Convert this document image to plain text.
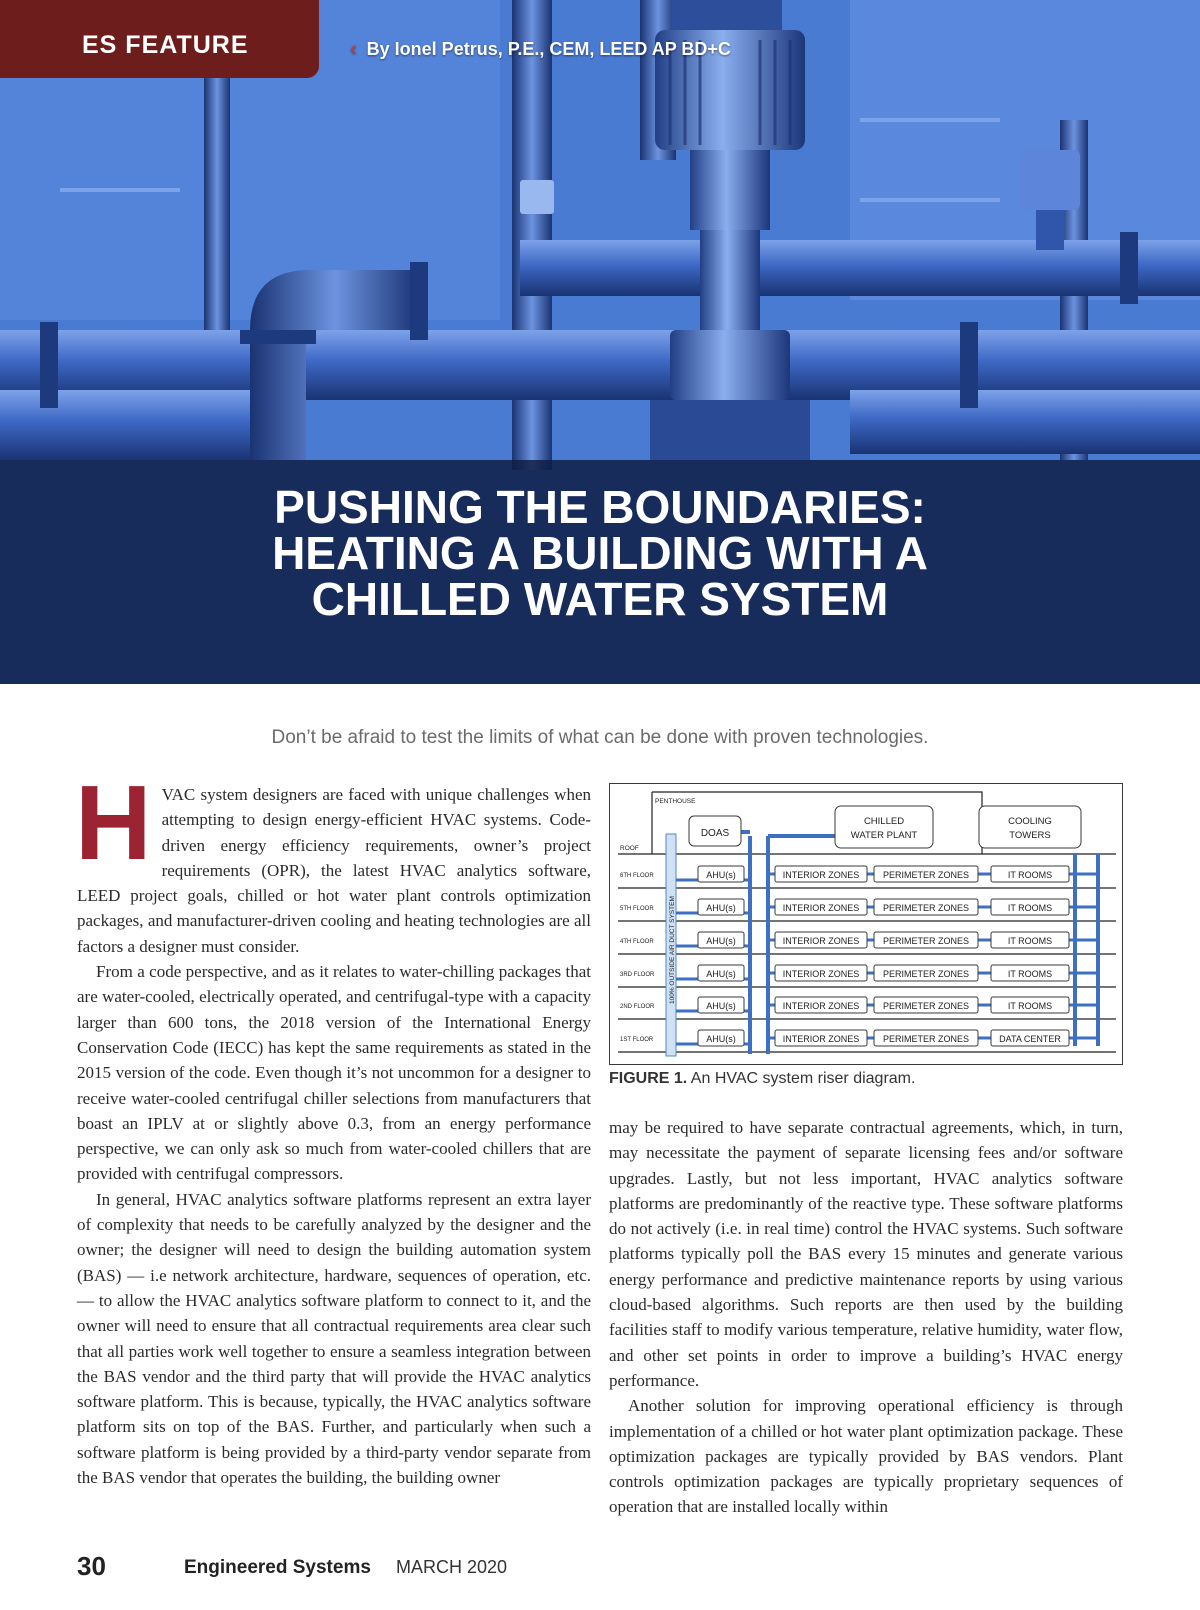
ES FEATURE	‹ By Ionel Petrus, P.E., CEM, LEED AP BD+C
PUSHING THE BOUNDARIES:
HEATING A BUILDING WITH A
CHILLED WATER SYSTEM
Don’t be afraid to test the limits of what can be done with proven technologies.

HVAC system designers are faced with unique challenges when attempting to design energy-efficient HVAC systems. Code-driven energy efficiency requirements, owner’s project requirements (OPR), the latest HVAC analytics software, LEED project goals, chilled or hot water plant controls optimization packages, and manufacturer-driven cooling and heating technologies are all factors a designer must consider.

From a code perspective, and as it relates to water-chilling packages that are water-cooled, electrically operated, and centrifugal-type with a capacity larger than 600 tons, the 2018 version of the International Energy Conservation Code (IECC) has kept the same requirements as stated in the 2015 version of the code. Even though it’s not uncommon for a designer to receive water-cooled centrifugal chiller selections from manufacturers that boast an IPLV at or slightly above 0.3, from an energy performance perspective, we can only ask so much from water-cooled chillers that are provided with centrifugal compressors.

In general, HVAC analytics software platforms represent an extra layer of complexity that needs to be carefully analyzed by the designer and the owner; the designer will need to design the building automation system (BAS) — i.e network architecture, hardware, sequences of operation, etc. — to allow the HVAC analytics software platform to connect to it, and the owner will need to ensure that all contractual requirements area clear such that all parties work well together to ensure a seamless integration between the BAS vendor and the third party that will provide the HVAC analytics software platform. This is because, typically, the HVAC analytics software platform sits on top of the BAS. Further, and particularly when such a software platform is being provided by a third-party vendor separate from the BAS vendor that operates the building, the building owner

DOAS
CHILLED
WATER PLANT
COOLING
TOWERS
PENTHOUSE
ROOF
100% OUTSIDE AIR DUCT SYSTEM
6TH FLOOR	AHU(s)	INTERIOR ZONES	PERIMETER ZONES	IT ROOMS
5TH FLOOR	AHU(s)	INTERIOR ZONES	PERIMETER ZONES	IT ROOMS
4TH FLOOR	AHU(s)	INTERIOR ZONES	PERIMETER ZONES	IT ROOMS
3RD FLOOR	AHU(s)	INTERIOR ZONES	PERIMETER ZONES	IT ROOMS
2ND FLOOR	AHU(s)	INTERIOR ZONES	PERIMETER ZONES	IT ROOMS
1ST FLOOR	AHU(s)	INTERIOR ZONES	PERIMETER ZONES	DATA CENTER
FIGURE 1. An HVAC system riser diagram.

may be required to have separate contractual agreements, which, in turn, may necessitate the payment of separate licensing fees and/or software upgrades. Lastly, but not less important, HVAC analytics software platforms are predominantly of the reactive type. These software platforms do not actively (i.e. in real time) control the HVAC systems. Such software platforms typically poll the BAS every 15 minutes and generate various energy performance and predictive maintenance reports by using various cloud-based algorithms. Such reports are then used by the building facilities staff to modify various temperature, relative humidity, water flow, and other set points in order to improve a building’s HVAC energy performance.

Another solution for improving operational efficiency is through implementation of a chilled or hot water plant optimization package. These optimization packages are typically provided by BAS vendors. Plant controls optimization packages are typically proprietary sequences of operation that are installed locally within

30	Engineered Systems MARCH 2020
